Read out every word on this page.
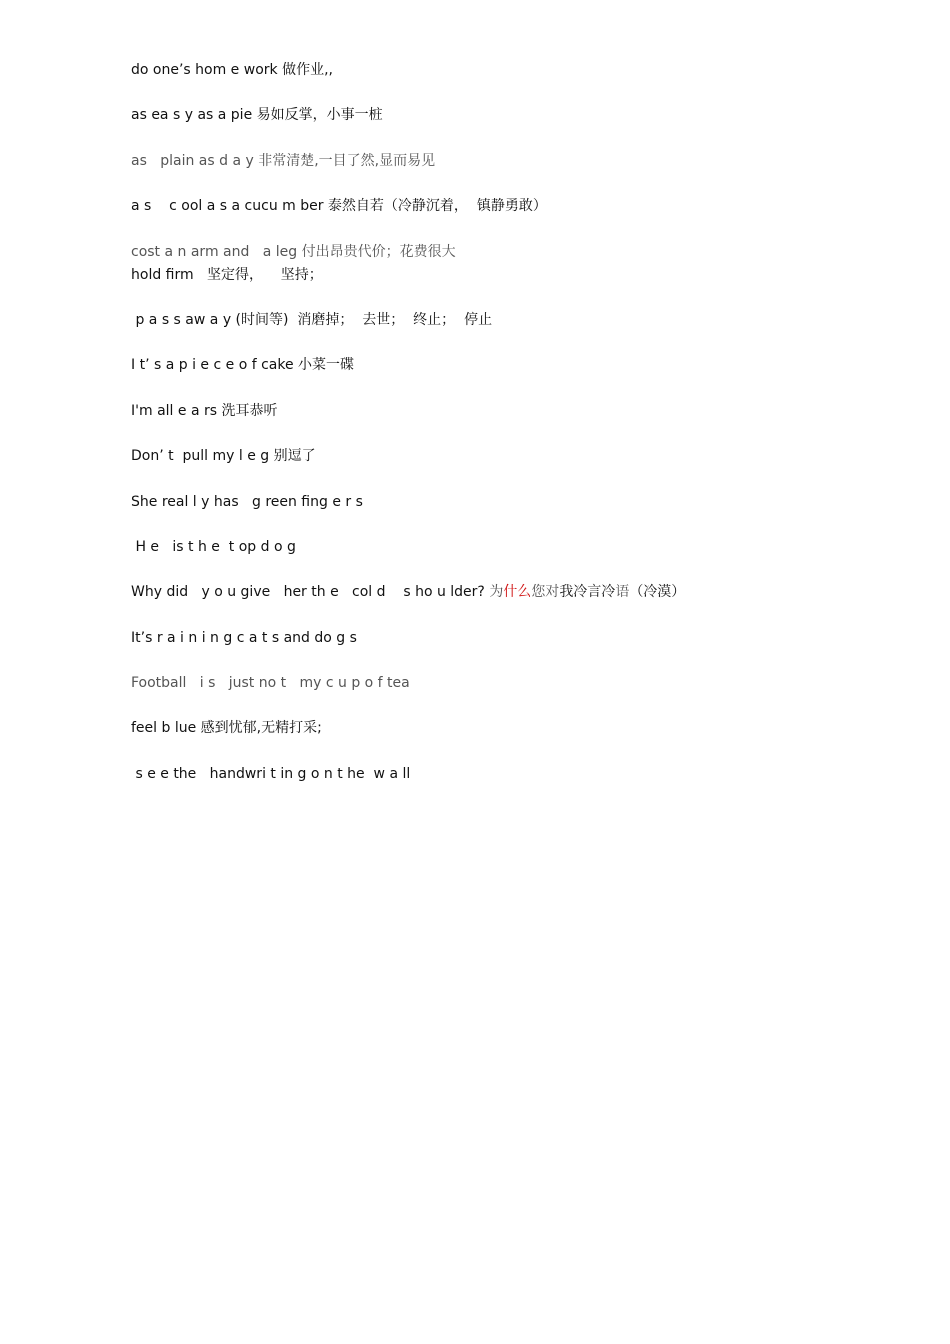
do one’s hom e work 做作业,,
as ea s y as a pie 易如反掌，小事一桩
as   plain as d a y 非常清楚,一目了然,显而易见
a s    c ool a s a cucu m ber 泰然自若（冷静沉着，  镇静勇敢）
cost a n arm and   a leg 付出昂贵代价；花费很大
hold firm   坚定得，    坚持；
p a s s aw a y (时间等)  消磨掉；  去世；  终止；  停止
I t’ s a p i e c e o f cake 小菜一碟
I'm all e a rs 洗耳恭听
Don’ t  pull my l e g 别逗了
She real l y has   g reen fing e r s
H e   is t h e  t op d o g
Why did   y o u give   her th e   col d    s ho u lder? 为什么您对我冷言冷语（冷漠）
It’s r a i n i n g c a t s and do g s
Football   i s   just no t   my c u p o f tea
feel b lue 感到忧郁,无精打采;
s e e the   handwri t in g o n t he  w a ll
